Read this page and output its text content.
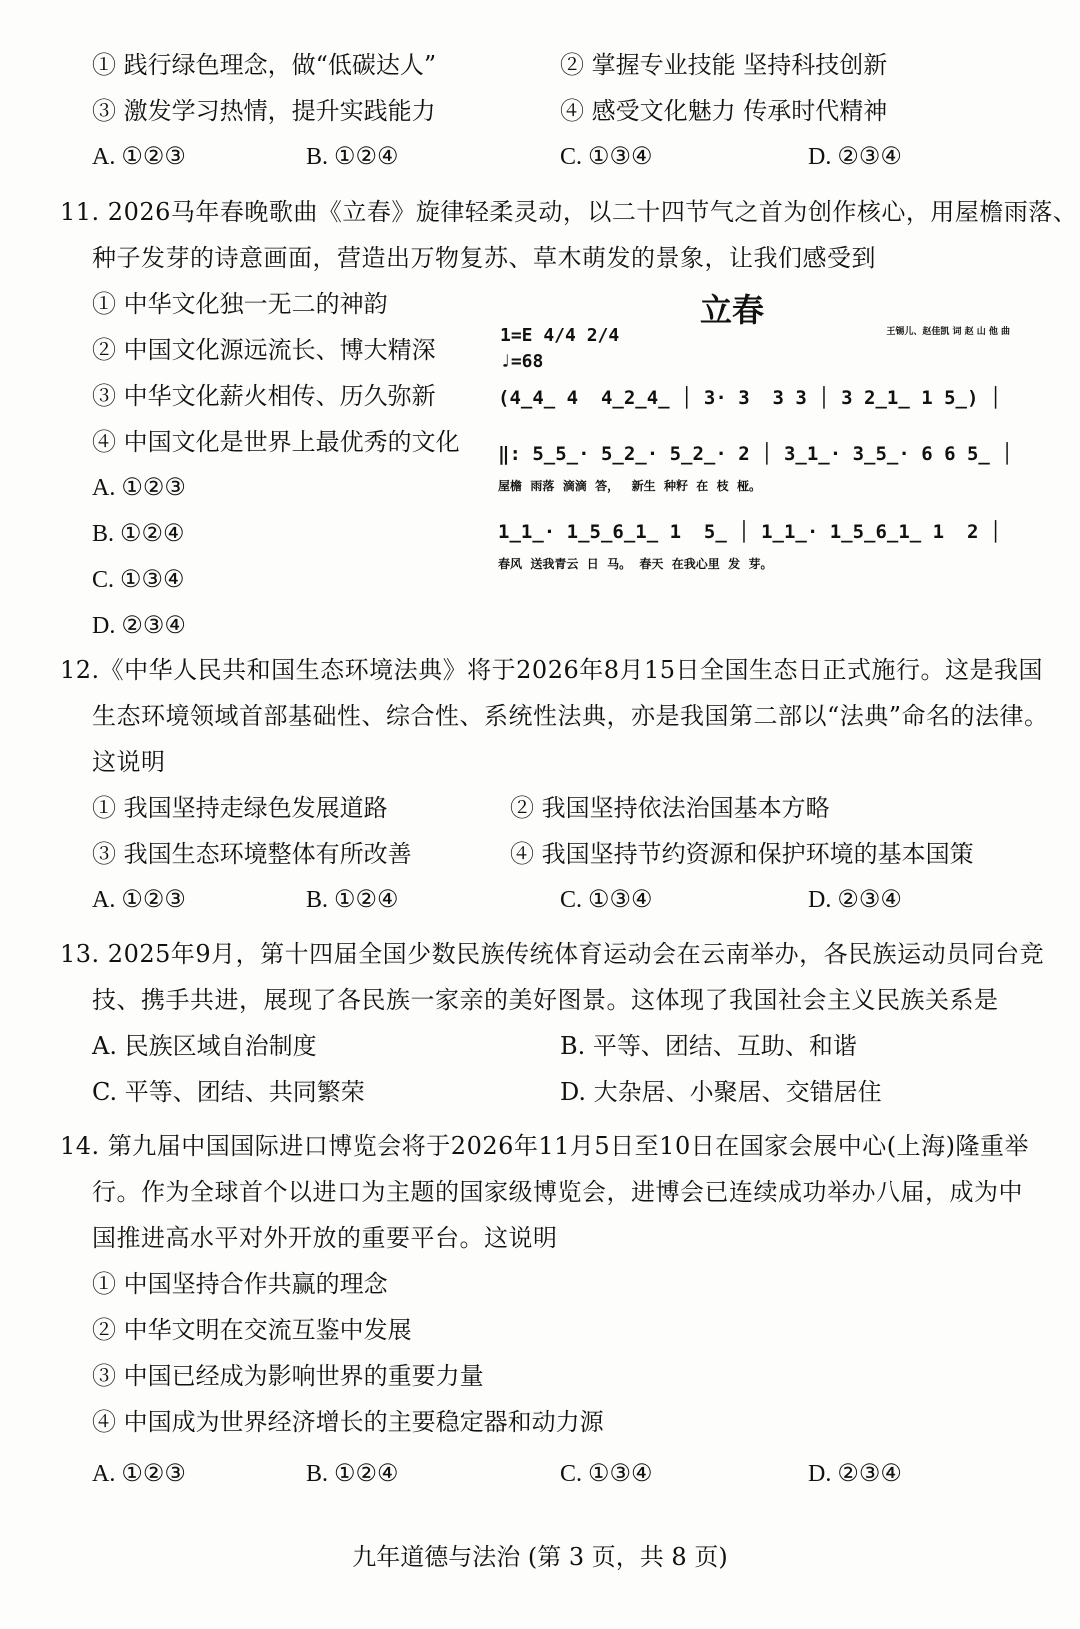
① 践行绿色理念，做“低碳达人”	② 掌握专业技能 坚持科技创新
③ 激发学习热情，提升实践能力	④ 感受文化魅力 传承时代精神
A. ①②③	B. ①②④	C. ①③④	D. ②③④
11. 2026马年春晚歌曲《立春》旋律轻柔灵动，以二十四节气之首为创作核心，用屋檐雨落、
种子发芽的诗意画面，营造出万物复苏、草木萌发的景象，让我们感受到
① 中华文化独一无二的神韵
② 中国文化源远流长、博大精深
③ 中华文化薪火相传、历久弥新
④ 中国文化是世界上最优秀的文化
A. ①②③
B. ①②④
C. ①③④
D. ②③④
立春
王锡儿、赵佳凯 词 赵 山 他 曲
1=E 4/4 2/4
♩=68
(4̲4̲ 4  4̲2̲4̲ │ 3· 3  3 3 │ 3 2̲1̲ 1 5̲) │
‖: 5̲5̲· 5̲2̲· 5̲2̲· 2 │ 3̲1̲· 3̲5̲· 6 6 5̲ │
屋檐  雨落  滴滴  答，   新生  种籽  在  枝  桠。
1̲1̲· 1̲5̲6̲1̲ 1  5̲ │ 1̲1̲· 1̲5̲6̲1̲ 1  2 │
春风  送我青云  日  马。  春天  在我心里  发  芽。
12.《中华人民共和国生态环境法典》将于2026年8月15日全国生态日正式施行。这是我国
生态环境领域首部基础性、综合性、系统性法典，亦是我国第二部以“法典”命名的法律。
这说明
① 我国坚持走绿色发展道路	② 我国坚持依法治国基本方略
③ 我国生态环境整体有所改善	④ 我国坚持节约资源和保护环境的基本国策
A. ①②③	B. ①②④	C. ①③④	D. ②③④
13. 2025年9月，第十四届全国少数民族传统体育运动会在云南举办，各民族运动员同台竞
技、携手共进，展现了各民族一家亲的美好图景。这体现了我国社会主义民族关系是
A. 民族区域自治制度	B. 平等、团结、互助、和谐
C. 平等、团结、共同繁荣	D. 大杂居、小聚居、交错居住
14. 第九届中国国际进口博览会将于2026年11月5日至10日在国家会展中心(上海)隆重举
行。作为全球首个以进口为主题的国家级博览会，进博会已连续成功举办八届，成为中
国推进高水平对外开放的重要平台。这说明
① 中国坚持合作共赢的理念
② 中华文明在交流互鉴中发展
③ 中国已经成为影响世界的重要力量
④ 中国成为世界经济增长的主要稳定器和动力源
A. ①②③	B. ①②④	C. ①③④	D. ②③④
九年道德与法治 (第 3 页，共 8 页)
